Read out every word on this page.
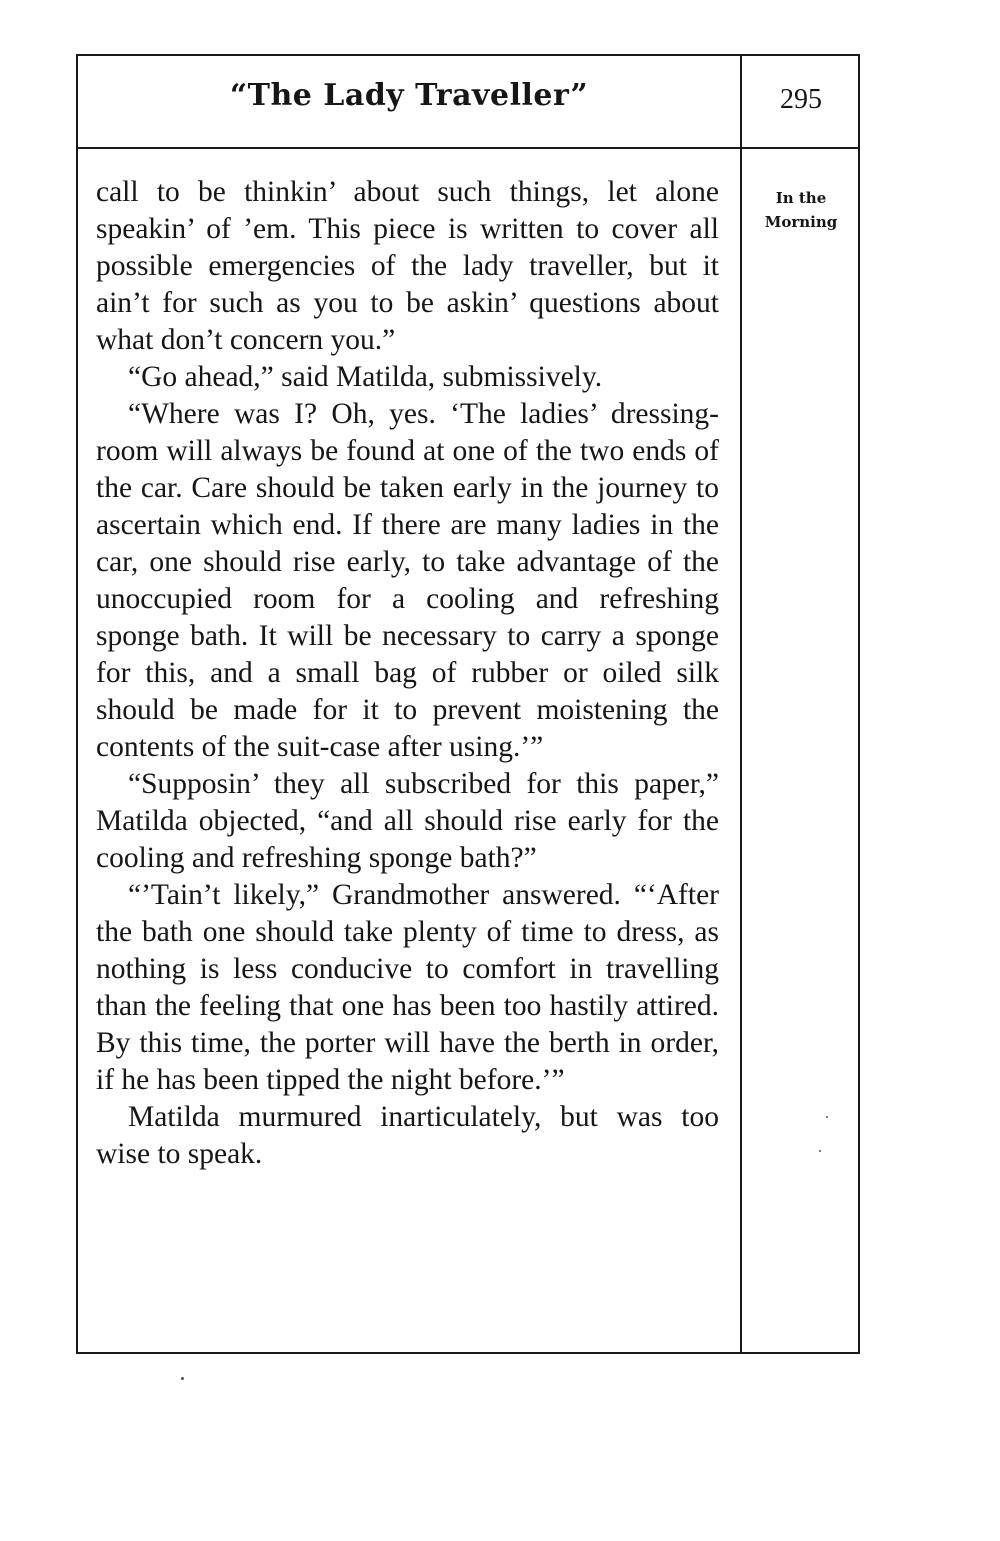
“The Lady Traveller”	295
In the
Morning

call to be thinkin’ about such things, let alone speakin’ of ’em. This piece is written to cover all possible emergencies of the lady traveller, but it ain’t for such as you to be askin’ questions about what don’t concern you.”

“Go ahead,” said Matilda, submissively.

“Where was I? Oh, yes. ‘The ladies’ dressing-room will always be found at one of the two ends of the car. Care should be taken early in the journey to ascertain which end. If there are many ladies in the car, one should rise early, to take advantage of the unoccupied room for a cooling and refreshing sponge bath. It will be necessary to carry a sponge for this, and a small bag of rubber or oiled silk should be made for it to prevent moistening the contents of the suit-case after using.’”

“Supposin’ they all subscribed for this paper,” Matilda objected, “and all should rise early for the cooling and refreshing sponge bath?”

“’Tain’t likely,” Grandmother answered. “‘After the bath one should take plenty of time to dress, as nothing is less conducive to comfort in travelling than the feeling that one has been too hastily attired. By this time, the porter will have the berth in order, if he has been tipped the night before.’”

Matilda murmured inarticulately, but was too wise to speak.
